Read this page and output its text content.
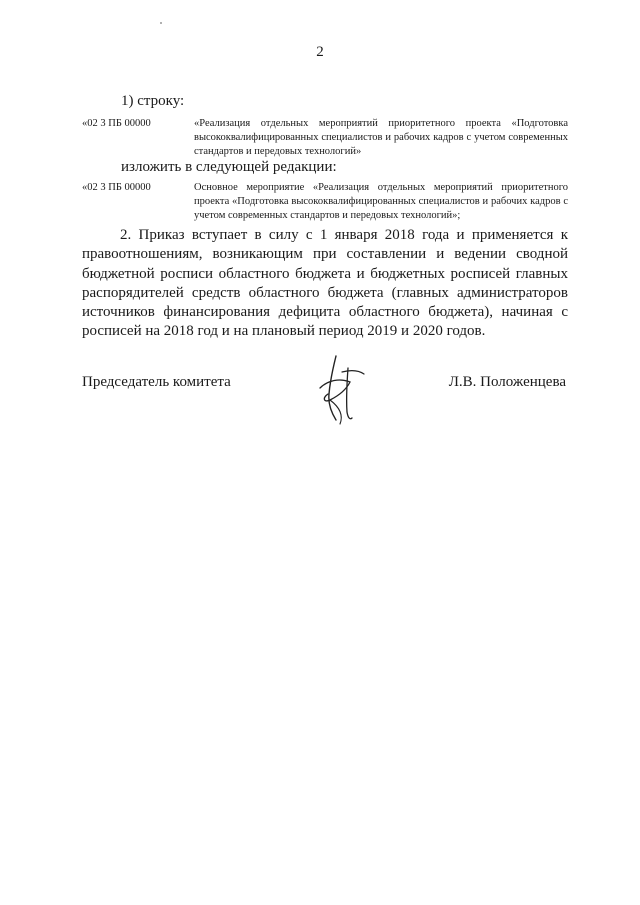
2
1) строку:
«02 3 ПБ 00000	«Реализация отдельных мероприятий приоритетного проекта «Подготовка высококвалифицированных специалистов и рабочих кадров с учетом современных стандартов и передовых технологий»
изложить в следующей редакции:
«02 3 ПБ 00000	Основное мероприятие «Реализация отдельных мероприятий приоритетного проекта «Подготовка высококвалифицированных специалистов и рабочих кадров с учетом современных стандартов и передовых технологий»;
2. Приказ вступает в силу с 1 января 2018 года и применяется к правоотношениям, возникающим при составлении и ведении сводной бюджетной росписи областного бюджета и бюджетных росписей главных распорядителей средств областного бюджета (главных администраторов источников финансирования дефицита областного бюджета), начиная с росписей на 2018 год и на плановый период 2019 и 2020 годов.
Председатель комитета	Л.В. Положенцева
